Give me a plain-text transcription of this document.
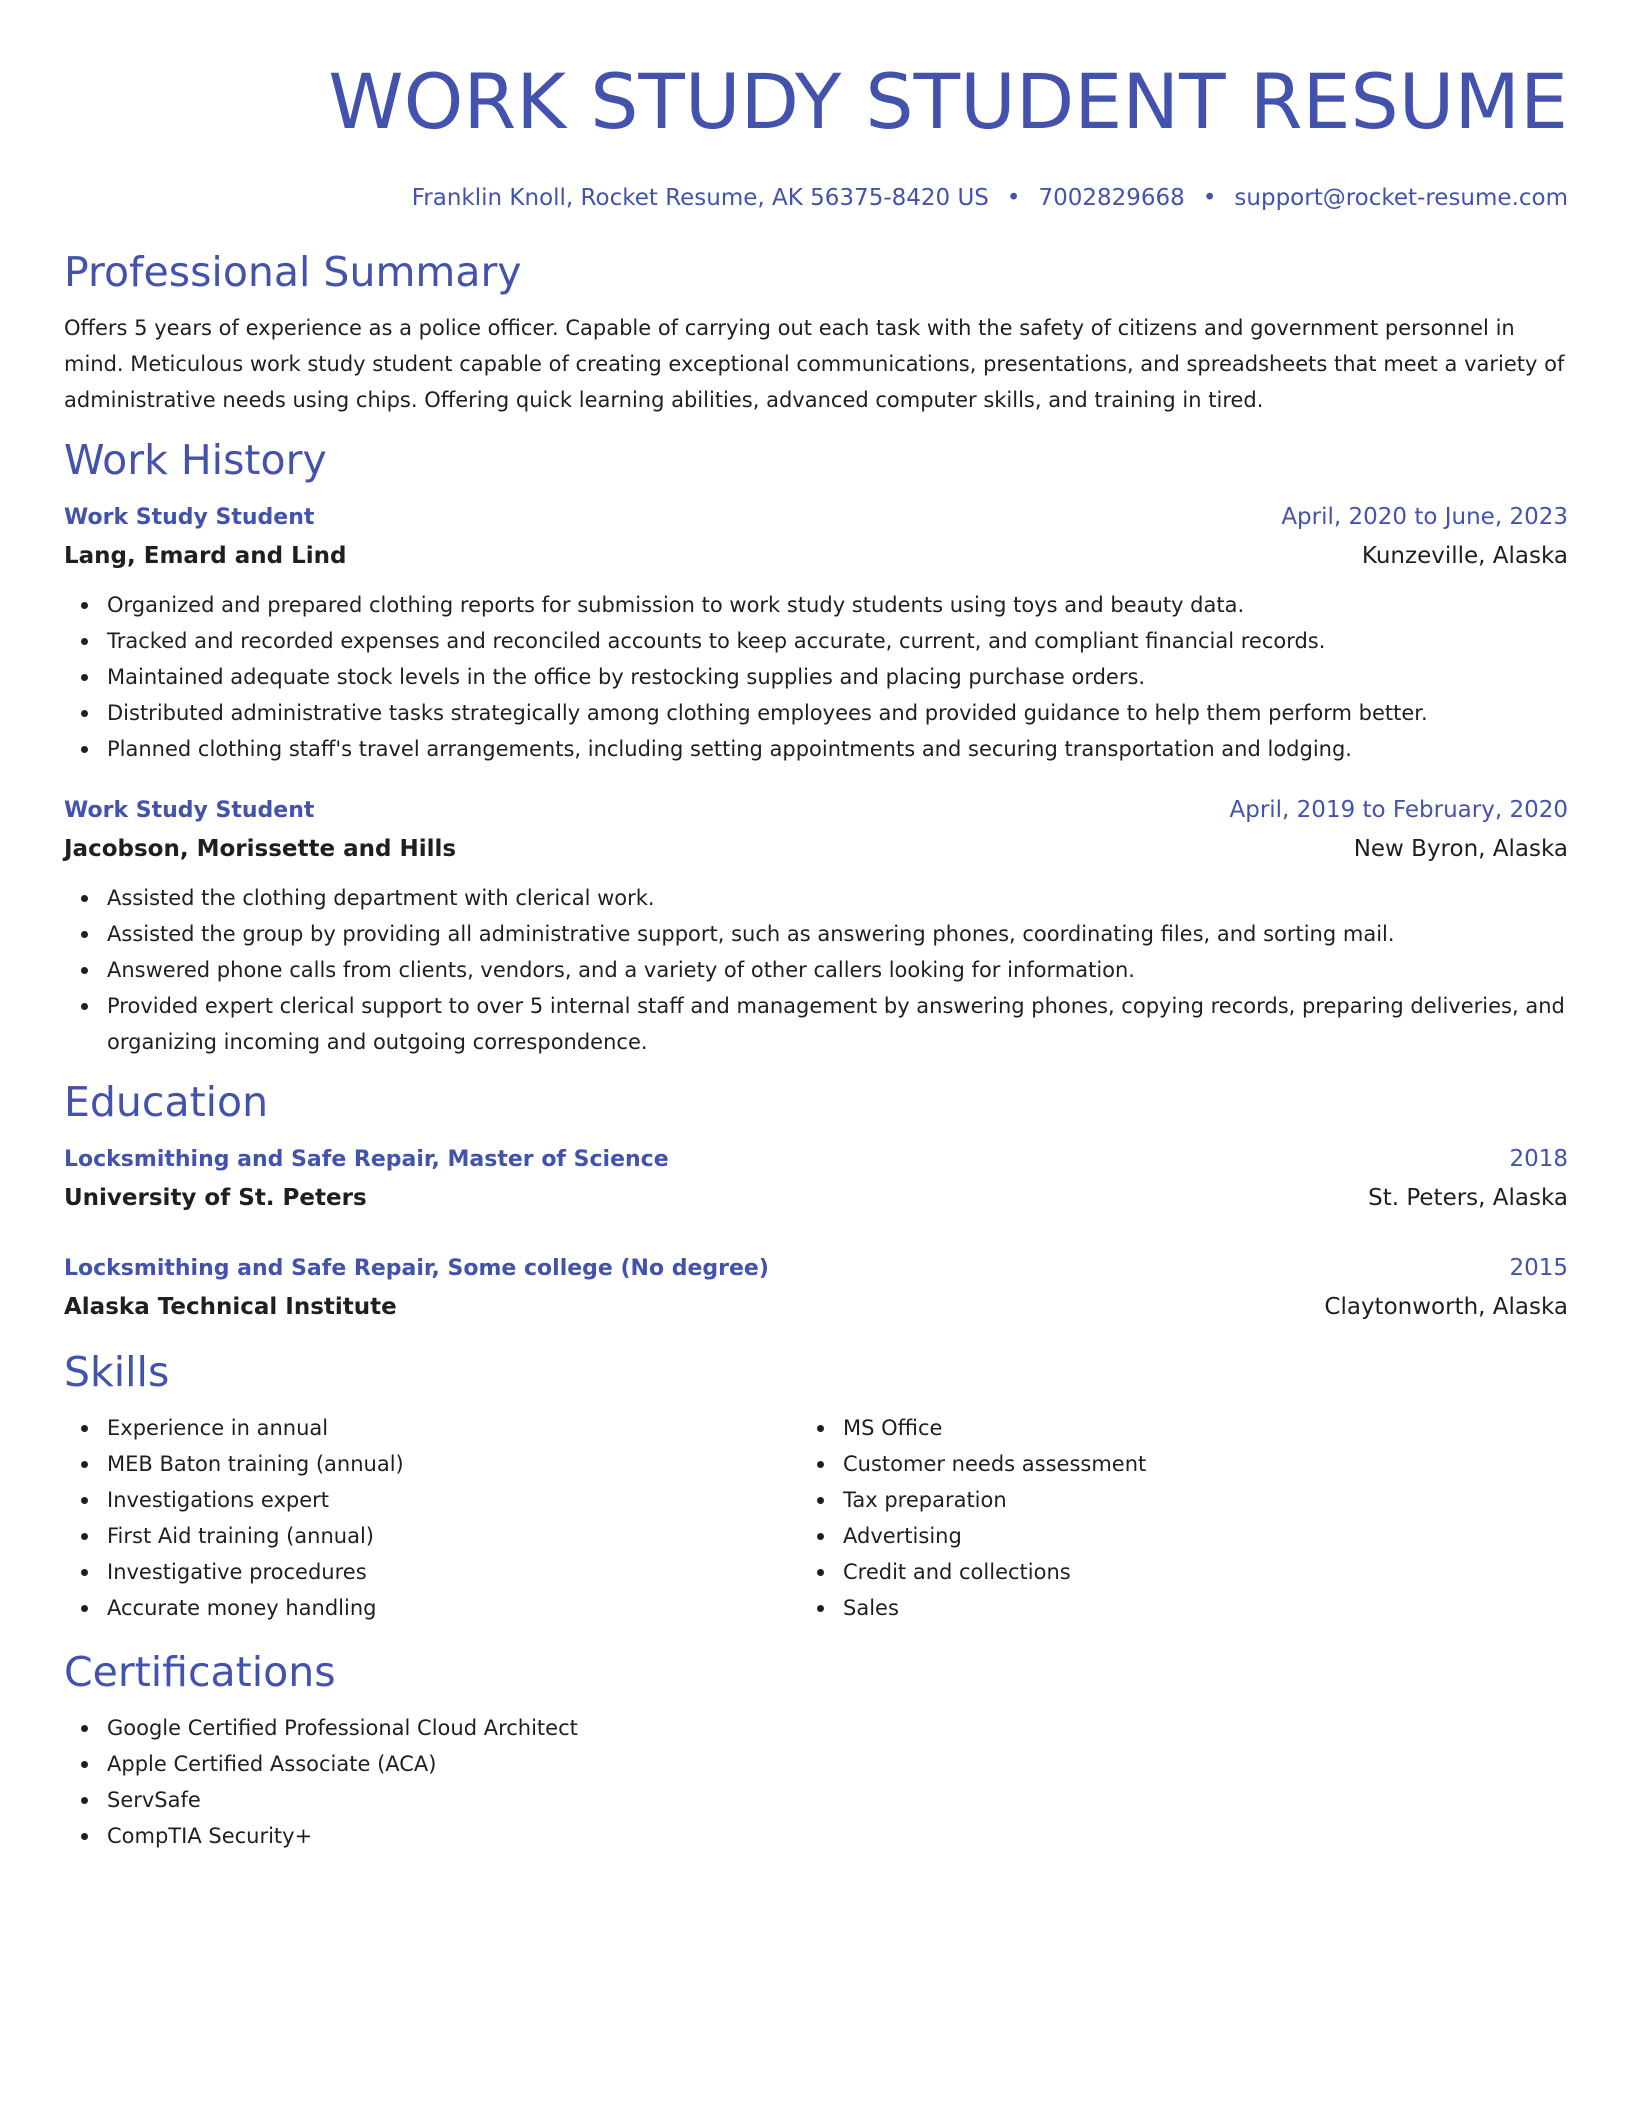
WORK STUDY STUDENT RESUME
Franklin Knoll, Rocket Resume, AK 56375-8420 US • 7002829668 • support@rocket-resume.com
Professional Summary
Offers 5 years of experience as a police officer. Capable of carrying out each task with the safety of citizens and government personnel in mind. Meticulous work study student capable of creating exceptional communications, presentations, and spreadsheets that meet a variety of administrative needs using chips. Offering quick learning abilities, advanced computer skills, and training in tired.
Work History
Work Study Student	April, 2020 to June, 2023
Lang, Emard and Lind	Kunzeville, Alaska
Organized and prepared clothing reports for submission to work study students using toys and beauty data.
Tracked and recorded expenses and reconciled accounts to keep accurate, current, and compliant financial records.
Maintained adequate stock levels in the office by restocking supplies and placing purchase orders.
Distributed administrative tasks strategically among clothing employees and provided guidance to help them perform better.
Planned clothing staff's travel arrangements, including setting appointments and securing transportation and lodging.
Work Study Student	April, 2019 to February, 2020
Jacobson, Morissette and Hills	New Byron, Alaska
Assisted the clothing department with clerical work.
Assisted the group by providing all administrative support, such as answering phones, coordinating files, and sorting mail.
Answered phone calls from clients, vendors, and a variety of other callers looking for information.
Provided expert clerical support to over 5 internal staff and management by answering phones, copying records, preparing deliveries, and organizing incoming and outgoing correspondence.
Education
Locksmithing and Safe Repair, Master of Science	2018
University of St. Peters	St. Peters, Alaska
Locksmithing and Safe Repair, Some college (No degree)	2015
Alaska Technical Institute	Claytonworth, Alaska
Skills
Experience in annual
MEB Baton training (annual)
Investigations expert
First Aid training (annual)
Investigative procedures
Accurate money handling
MS Office
Customer needs assessment
Tax preparation
Advertising
Credit and collections
Sales
Certifications
Google Certified Professional Cloud Architect
Apple Certified Associate (ACA)
ServSafe
CompTIA Security+
